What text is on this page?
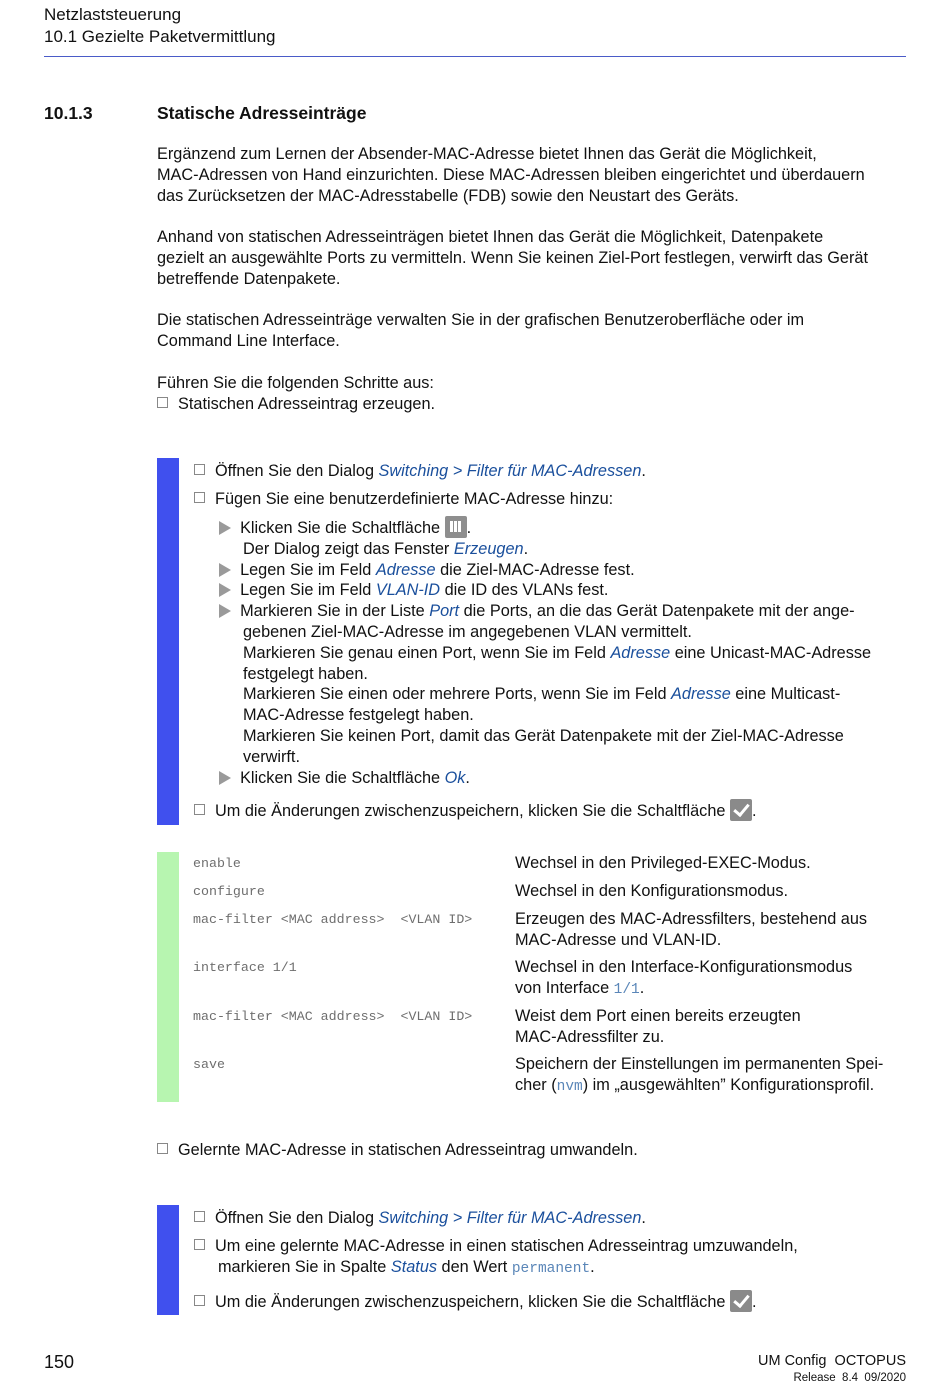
Netzlaststeuerung
10.1 Gezielte Paketvermittlung
10.1.3	Statische Adresseinträge
Ergänzend zum Lernen der Absender-MAC-Adresse bietet Ihnen das Gerät die Möglichkeit,
MAC-Adressen von Hand einzurichten. Diese MAC-Adressen bleiben eingerichtet und überdauern
das Zurücksetzen der MAC-Adresstabelle (FDB) sowie den Neustart des Geräts.
Anhand von statischen Adresseinträgen bietet Ihnen das Gerät die Möglichkeit, Datenpakete
gezielt an ausgewählte Ports zu vermitteln. Wenn Sie keinen Ziel-Port festlegen, verwirft das Gerät
betreffende Datenpakete.
Die statischen Adresseinträge verwalten Sie in der grafischen Benutzeroberfläche oder im
Command Line Interface.
Führen Sie die folgenden Schritte aus:
Statischen Adresseintrag erzeugen.
Öffnen Sie den Dialog Switching > Filter für MAC-Adressen.
Fügen Sie eine benutzerdefinierte MAC-Adresse hinzu:
Klicken Sie die Schaltfläche
.
Der Dialog zeigt das Fenster Erzeugen.
Legen Sie im Feld Adresse die Ziel-MAC-Adresse fest.
Legen Sie im Feld VLAN-ID die ID des VLANs fest.
Markieren Sie in der Liste Port die Ports, an die das Gerät Datenpakete mit der ange-
gebenen Ziel-MAC-Adresse im angegebenen VLAN vermittelt.
Markieren Sie genau einen Port, wenn Sie im Feld Adresse eine Unicast-MAC-Adresse
festgelegt haben.
Markieren Sie einen oder mehrere Ports, wenn Sie im Feld Adresse eine Multicast-
MAC-Adresse festgelegt haben.
Markieren Sie keinen Port, damit das Gerät Datenpakete mit der Ziel-MAC-Adresse
verwirft.
Klicken Sie die Schaltfläche Ok.
Um die Änderungen zwischenzuspeichern, klicken Sie die Schaltfläche
.
enable	Wechsel in den Privileged-EXEC-Modus.
configure	Wechsel in den Konfigurationsmodus.
mac-filter <MAC address>  <VLAN ID>	Erzeugen des MAC-Adressfilters, bestehend aus
MAC-Adresse und VLAN-ID.
interface 1/1	Wechsel in den Interface-Konfigurationsmodus
von Interface 1/1.
mac-filter <MAC address>  <VLAN ID>	Weist dem Port einen bereits erzeugten
MAC-Adressfilter zu.
save	Speichern der Einstellungen im permanenten Spei-
cher (nvm) im „ausgewählten” Konfigurationsprofil.
Gelernte MAC-Adresse in statischen Adresseintrag umwandeln.
Öffnen Sie den Dialog Switching > Filter für MAC-Adressen.
Um eine gelernte MAC-Adresse in einen statischen Adresseintrag umzuwandeln,
markieren Sie in Spalte Status den Wert permanent.
Um die Änderungen zwischenzuspeichern, klicken Sie die Schaltfläche
.
150	UM Config  OCTOPUS
Release  8.4  09/2020
